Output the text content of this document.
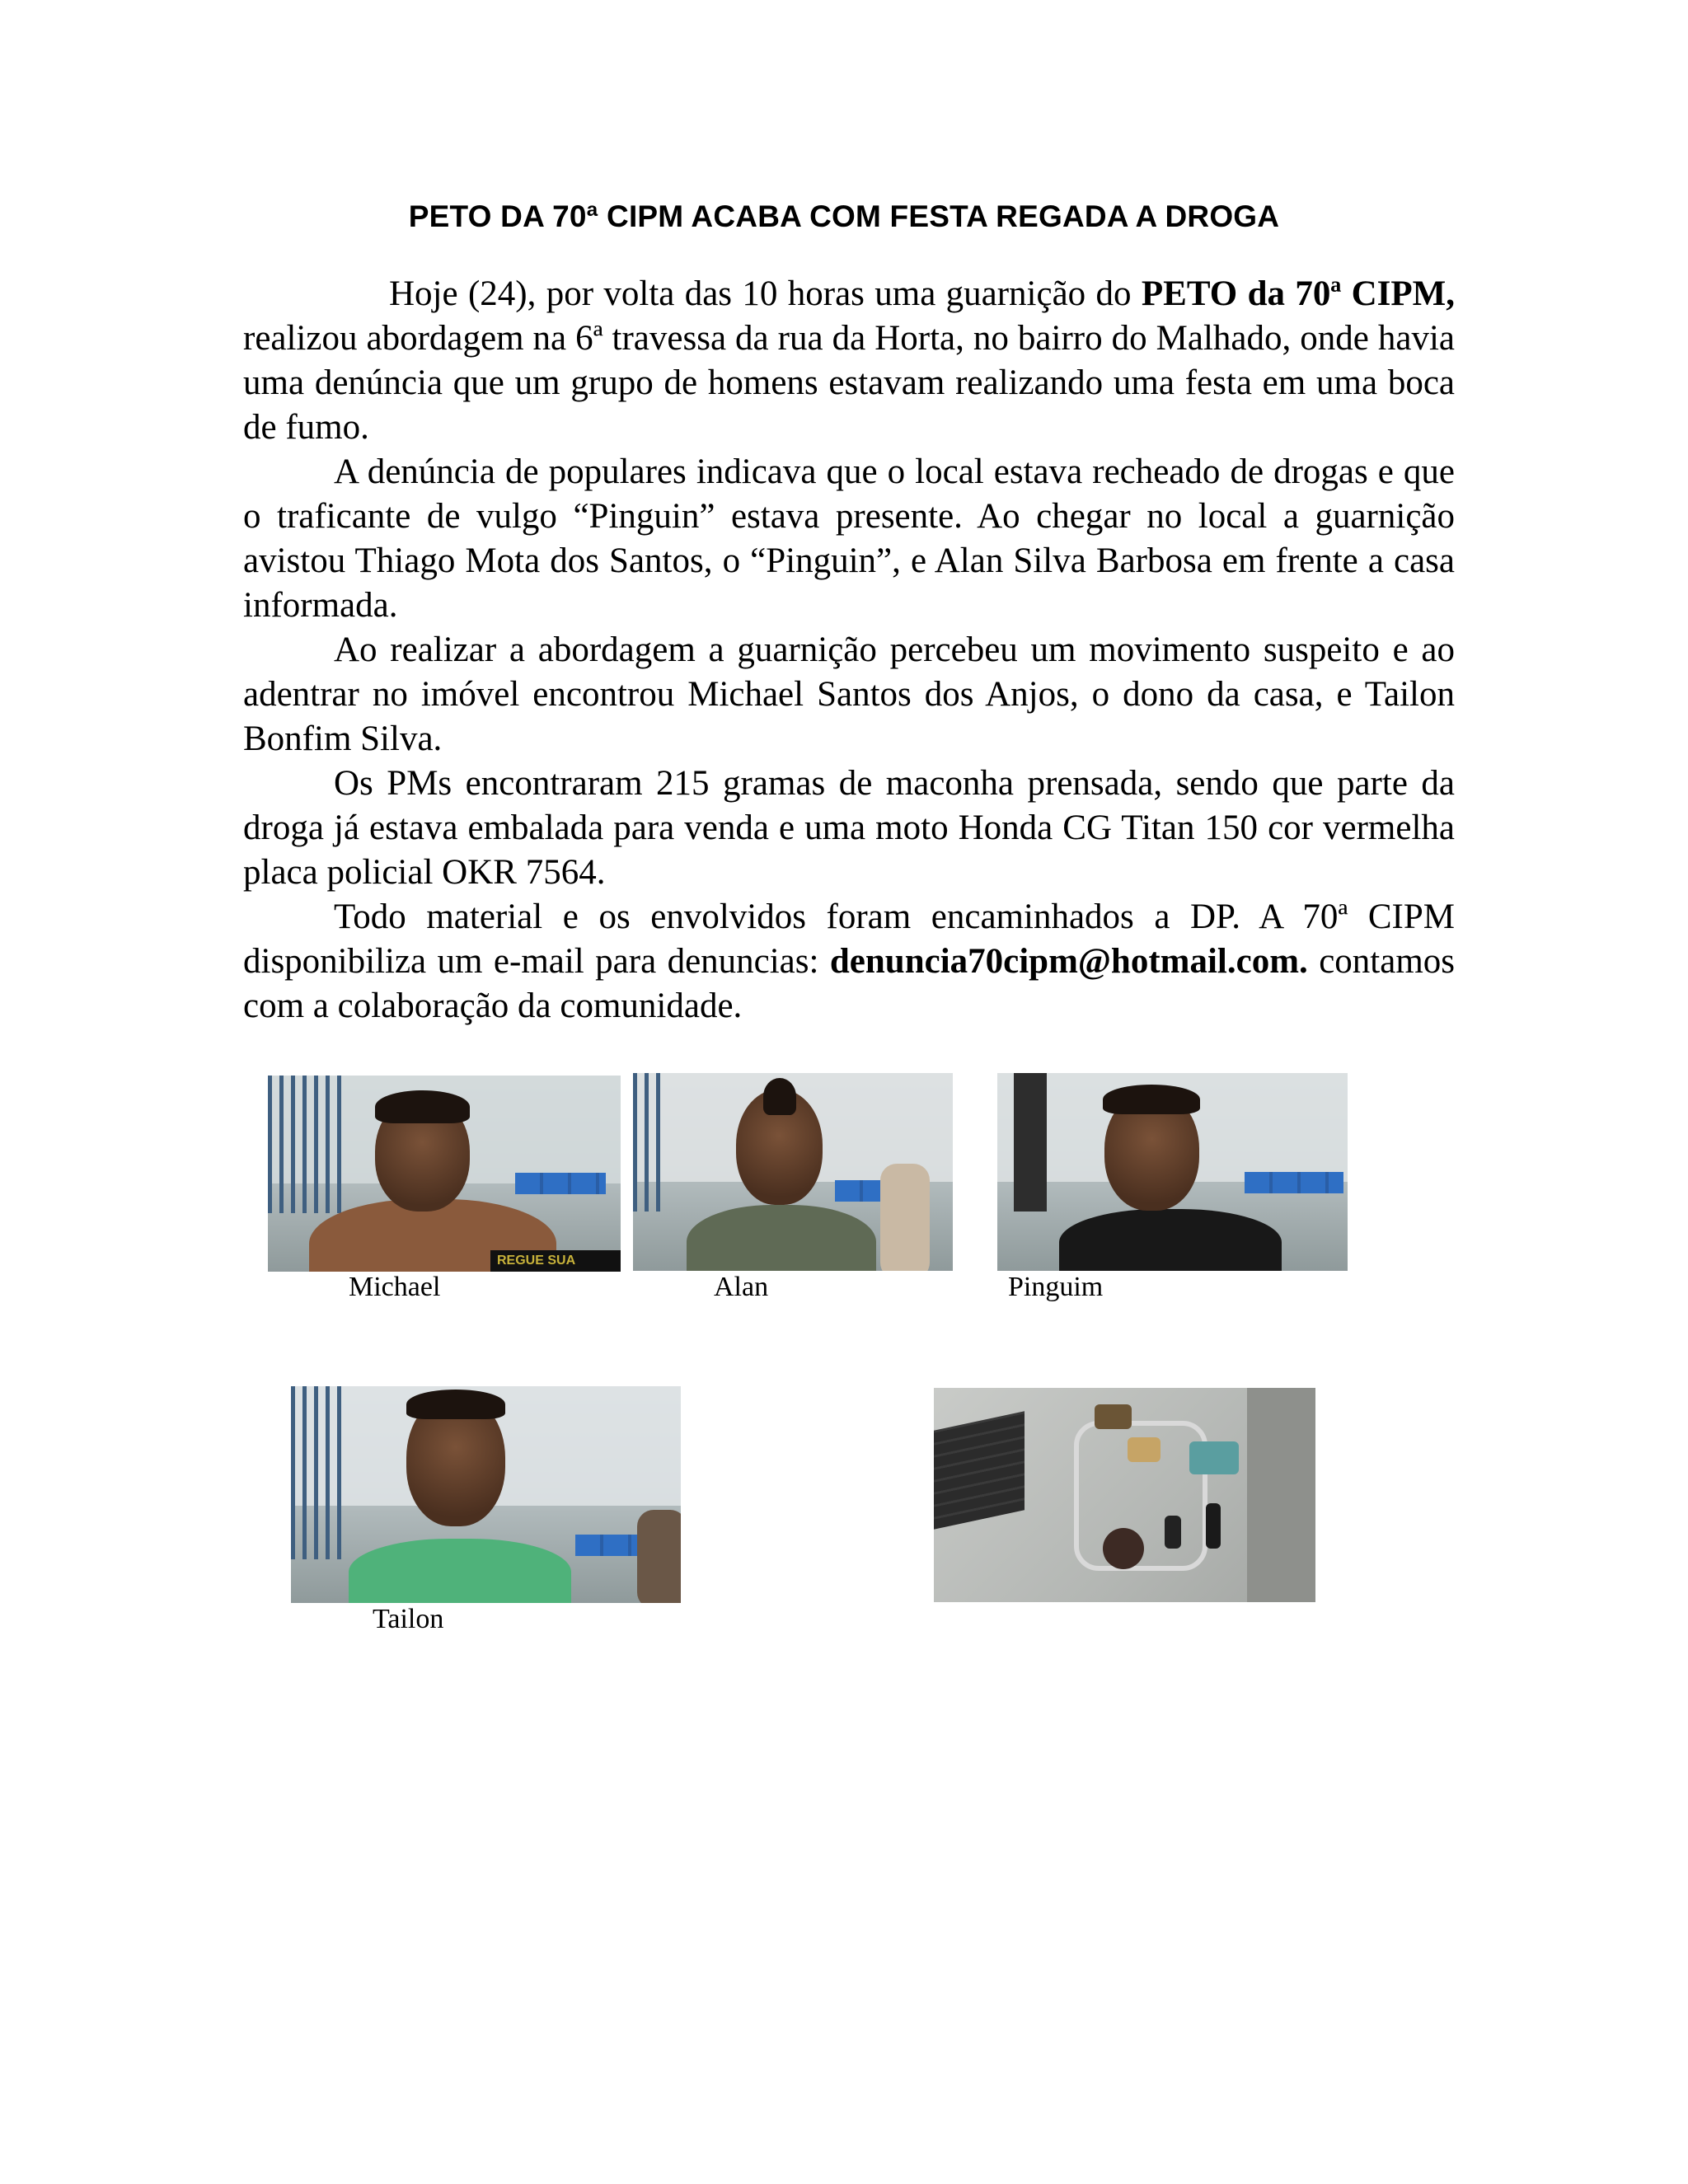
PETO DA 70ª CIPM ACABA COM FESTA REGADA A DROGA

Hoje (24), por volta das 10 horas uma guarnição do PETO da 70ª CIPM, realizou abordagem na 6ª travessa da rua da Horta, no bairro do Malhado, onde havia uma denúncia que um grupo de homens estavam realizando uma festa em uma boca de fumo.

A denúncia de populares indicava que o local estava recheado de drogas e que o traficante de vulgo “Pinguin” estava presente. Ao chegar no local a guarnição avistou Thiago Mota dos Santos, o “Pinguin”, e Alan Silva Barbosa em frente a casa informada.

Ao realizar a abordagem a guarnição percebeu um movimento suspeito e ao adentrar no imóvel encontrou Michael Santos dos Anjos, o dono da casa, e Tailon Bonfim Silva.

Os PMs encontraram 215 gramas de maconha prensada, sendo que parte da droga já estava embalada para venda e uma moto Honda CG Titan 150 cor vermelha placa policial OKR 7564.

Todo material e os envolvidos foram encaminhados a DP. A 70ª CIPM disponibiliza um e-mail para denuncias: denuncia70cipm@hotmail.com. contamos com a colaboração da comunidade.

REGUE SUA
Michael	Alan	Pinguim
Tailon
